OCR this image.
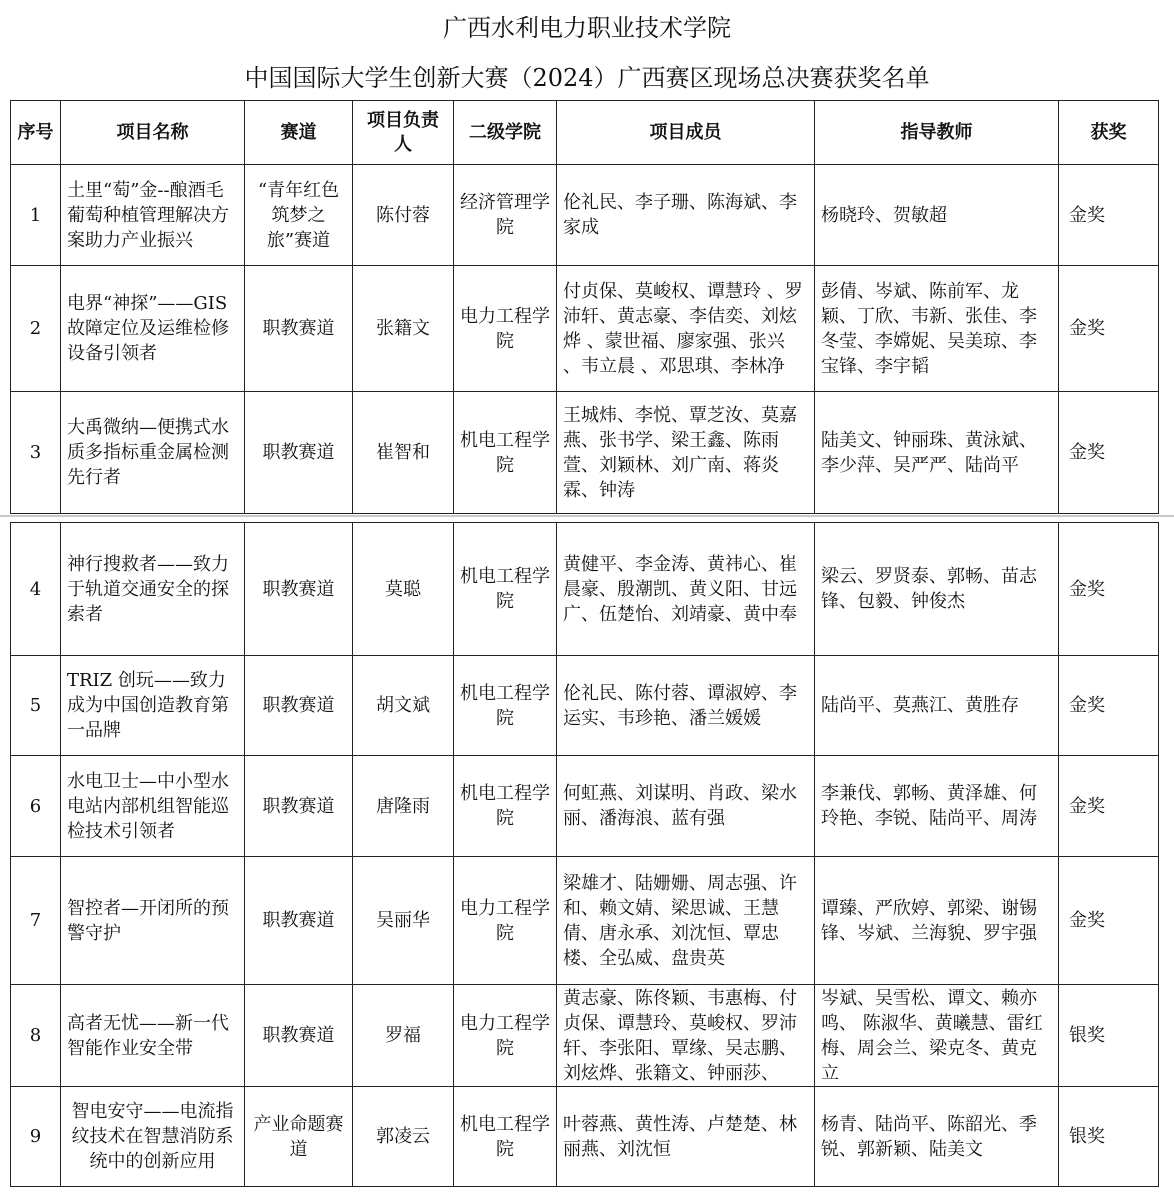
广西水利电力职业技术学院
中国国际大学生创新大赛（2024）广西赛区现场总决赛获奖名单
序号	项目名称	赛道	项目负责人	二级学院	项目成员	指导教师	获奖
1	土里“萄”金--酿酒毛葡萄种植管理解决方案助力产业振兴	“青年红色筑梦之旅”赛道	陈付蓉	经济管理学院	伦礼民、李子珊、陈海斌、李家成	杨晓玲、贺敏超	金奖
2	电界“神探”——GIS故障定位及运维检修设备引领者	职教赛道	张籍文	电力工程学院	付贞保、莫峻权、谭慧玲 、罗沛轩、黄志豪、李佶奕、刘炫烨 、蒙世福、廖家强、张兴 、韦立晨 、邓思琪、李林净	彭倩、岑斌、陈前军、龙颖、丁欣、韦新、张佳、李冬莹、李嫦妮、吴美琼、李宝锋、李宇韬	金奖
3	大禹微纳—便携式水质多指标重金属检测先行者	职教赛道	崔智和	机电工程学院	王城炜、李悦、覃芝汝、莫嘉燕、张书学、梁王鑫、陈雨萱、刘颖林、刘广南、蒋炎霖、钟涛	陆美文、钟丽珠、黄泳斌、李少萍、吴严严、陆尚平	金奖
4	神行搜救者——致力于轨道交通安全的探索者	职教赛道	莫聪	机电工程学院	黄健平、李金涛、黄祎心、崔晨豪、殷潮凯、黄义阳、甘远广、伍楚怡、刘靖豪、黄中奉	梁云、罗贤泰、郭畅、苗志锋、包毅、钟俊杰	金奖
5	TRIZ 创玩——致力成为中国创造教育第一品牌	职教赛道	胡文斌	机电工程学院	伦礼民、陈付蓉、谭淑婷、李运实、韦珍艳、潘兰媛媛	陆尚平、莫燕江、黄胜存	金奖
6	水电卫士—中小型水电站内部机组智能巡检技术引领者	职教赛道	唐隆雨	机电工程学院	何虹燕、刘谋明、肖政、梁水丽、潘海浪、蓝有强	李兼伐、郭畅、黄泽雄、何玲艳、李锐、陆尚平、周涛	金奖
7	智控者—开闭所的预警守护	职教赛道	吴丽华	电力工程学院	梁雄才、陆姗姗、周志强、许和、赖文婧、梁思诚、王慧倩、唐永承、刘沈恒、覃忠楼、全弘威、盘贵英	谭臻、严欣婷、郭梁、谢锡锋、岑斌、兰海貌、罗宇强	金奖
8	高者无忧——新一代智能作业安全带	职教赛道	罗福	电力工程学院	黄志豪、陈佟颖、韦惠梅、付贞保、谭慧玲、莫峻权、罗沛轩、李张阳、覃缘、吴志鹏、刘炫烨、张籍文、钟丽莎、	岑斌、吴雪松、谭文、赖亦鸣、 陈淑华、黄曦慧、雷红梅、周会兰、梁克冬、黄克立	银奖
9	智电安守——电流指纹技术在智慧消防系统中的创新应用	产业命题赛道	郭凌云	机电工程学院	叶蓉燕、黄性涛、卢楚楚、林丽燕、刘沈恒	杨青、陆尚平、陈韶光、季锐、郭新颖、陆美文	银奖
